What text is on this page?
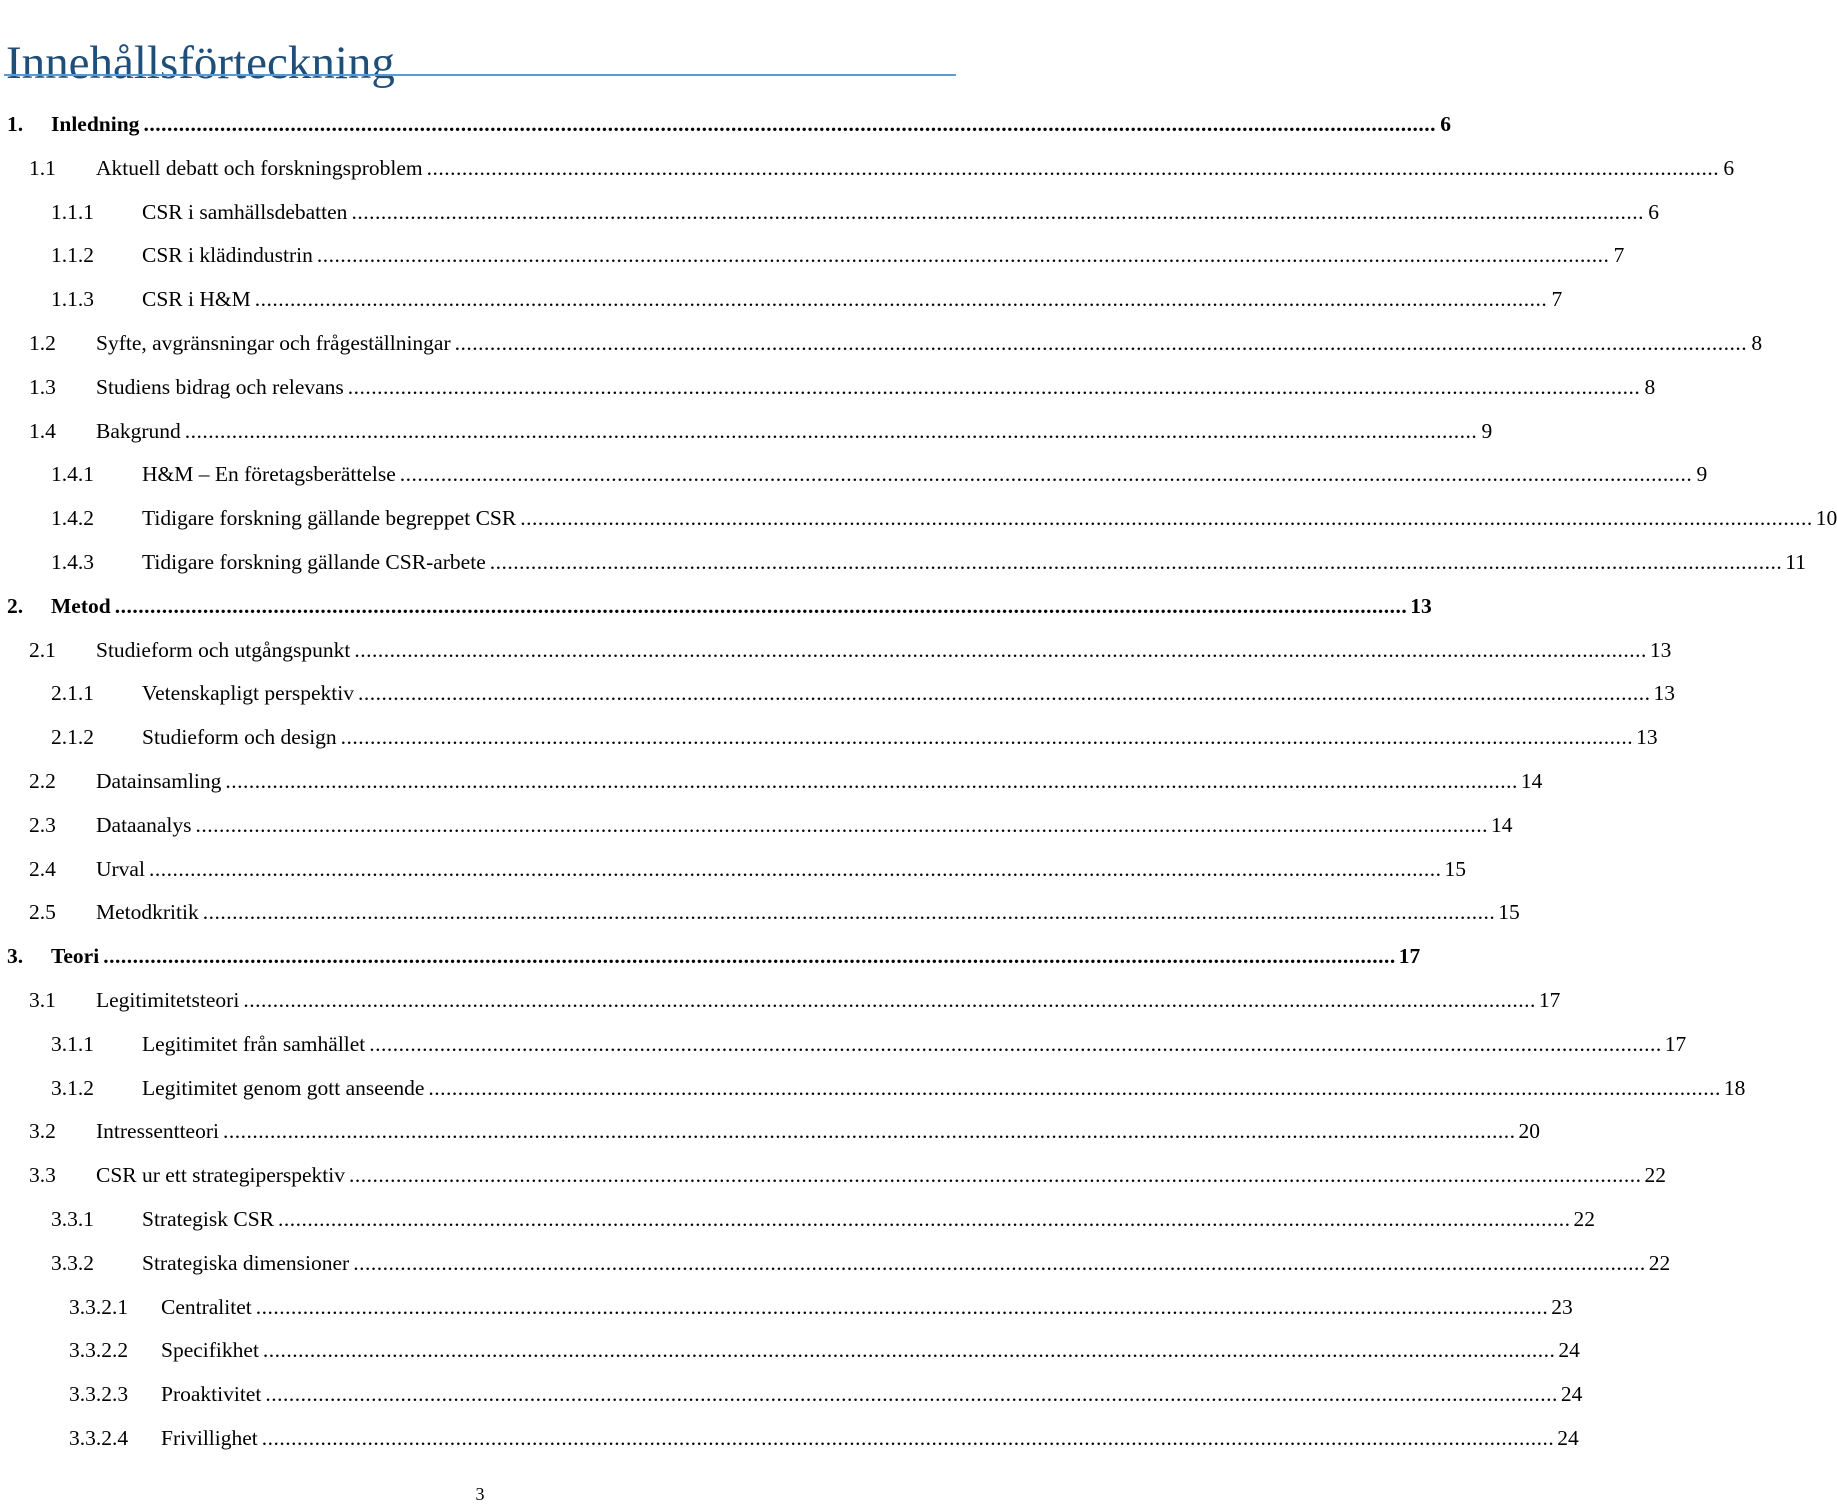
Innehållsförteckning
1. Inledning ............................................................................................................................................................................................................................ 6
1.1 Aktuell debatt och forskningsproblem ............................................................................................................................................................................................................................ 6
1.1.1 CSR i samhällsdebatten ............................................................................................................................................................................................................................ 6
1.1.2 CSR i klädindustrin ............................................................................................................................................................................................................................ 7
1.1.3 CSR i H&M ............................................................................................................................................................................................................................ 7
1.2 Syfte, avgränsningar och frågeställningar ............................................................................................................................................................................................................................ 8
1.3 Studiens bidrag och relevans ............................................................................................................................................................................................................................ 8
1.4 Bakgrund ............................................................................................................................................................................................................................ 9
1.4.1 H&M – En företagsberättelse ............................................................................................................................................................................................................................ 9
1.4.2 Tidigare forskning gällande begreppet CSR ............................................................................................................................................................................................................................ 10
1.4.3 Tidigare forskning gällande CSR-arbete ............................................................................................................................................................................................................................ 11
2. Metod ............................................................................................................................................................................................................................ 13
2.1 Studieform och utgångspunkt ............................................................................................................................................................................................................................ 13
2.1.1 Vetenskapligt perspektiv ............................................................................................................................................................................................................................ 13
2.1.2 Studieform och design ............................................................................................................................................................................................................................ 13
2.2 Datainsamling ............................................................................................................................................................................................................................ 14
2.3 Dataanalys ............................................................................................................................................................................................................................ 14
2.4 Urval ............................................................................................................................................................................................................................ 15
2.5 Metodkritik ............................................................................................................................................................................................................................ 15
3. Teori ............................................................................................................................................................................................................................ 17
3.1 Legitimitetsteori ............................................................................................................................................................................................................................ 17
3.1.1 Legitimitet från samhället ............................................................................................................................................................................................................................ 17
3.1.2 Legitimitet genom gott anseende ............................................................................................................................................................................................................................ 18
3.2 Intressentteori ............................................................................................................................................................................................................................ 20
3.3 CSR ur ett strategiperspektiv ............................................................................................................................................................................................................................ 22
3.3.1 Strategisk CSR ............................................................................................................................................................................................................................ 22
3.3.2 Strategiska dimensioner ............................................................................................................................................................................................................................ 22
3.3.2.1 Centralitet ............................................................................................................................................................................................................................ 23
3.3.2.2 Specifikhet ............................................................................................................................................................................................................................ 24
3.3.2.3 Proaktivitet ............................................................................................................................................................................................................................ 24
3.3.2.4 Frivillighet ............................................................................................................................................................................................................................ 24
3
